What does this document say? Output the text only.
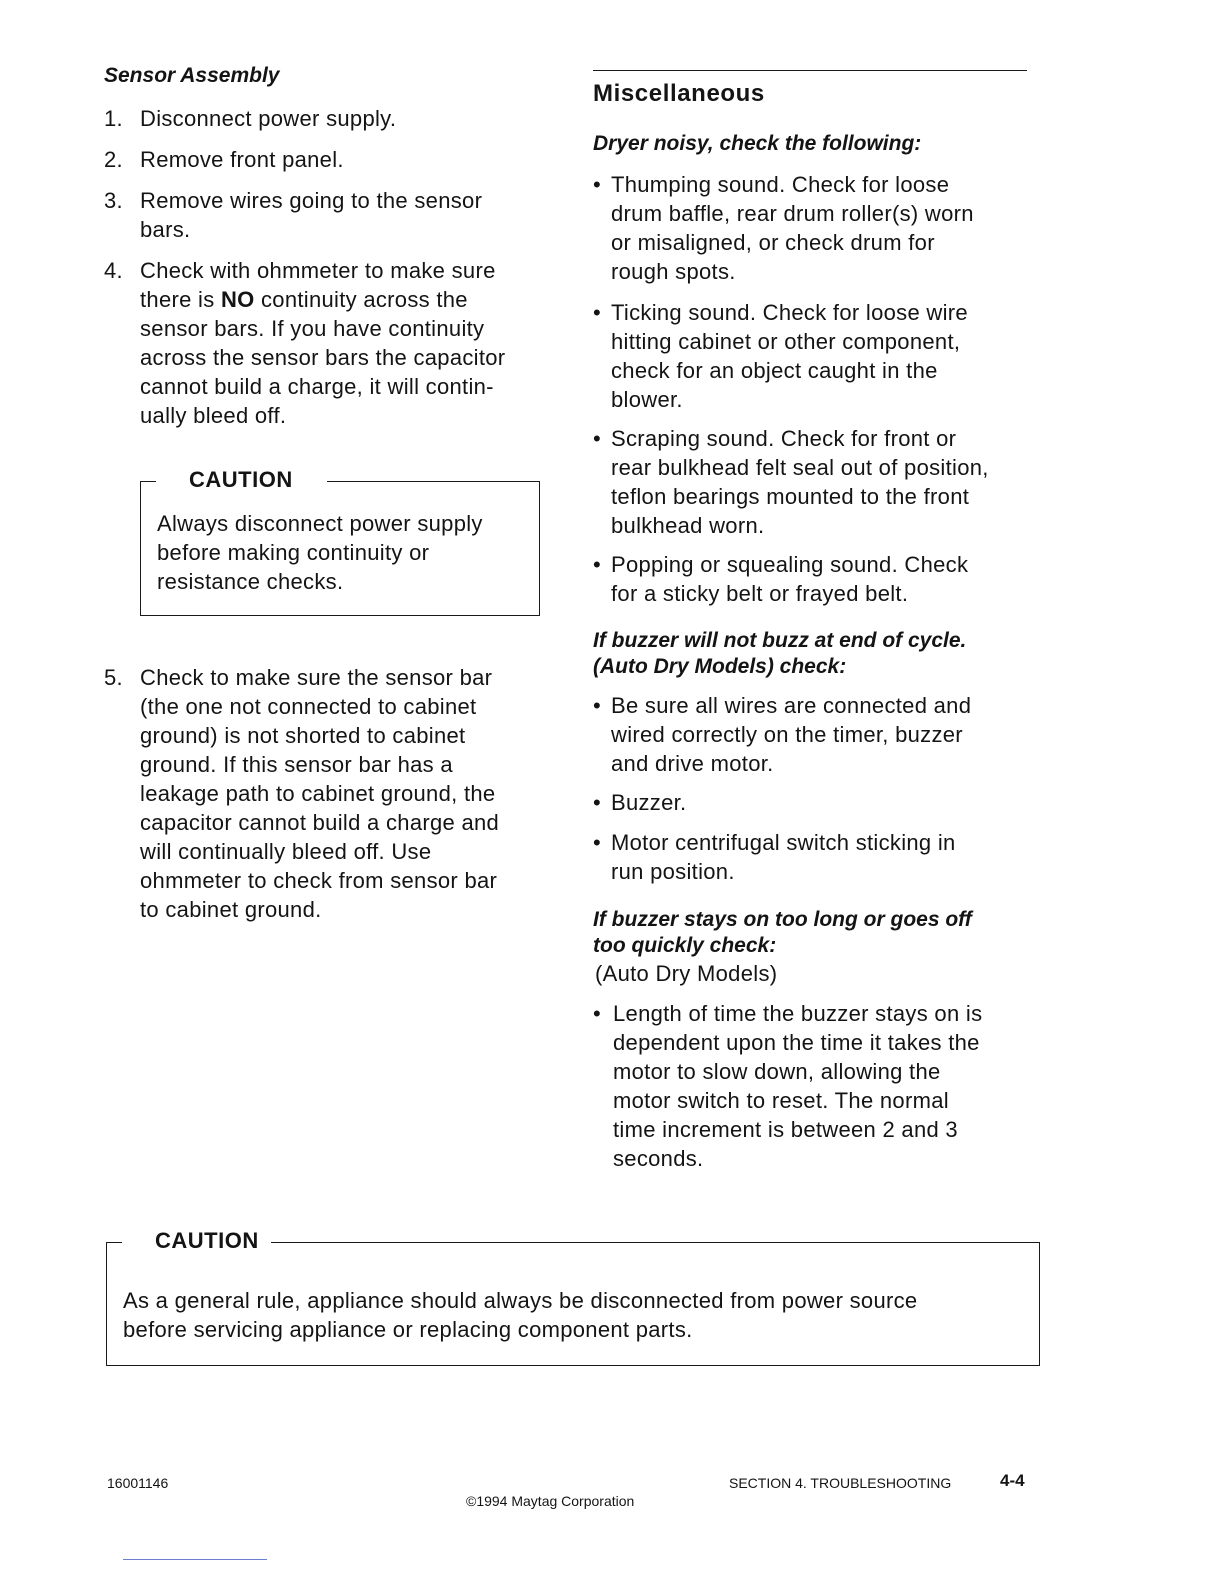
Sensor Assembly
1. Disconnect power supply.
2. Remove front panel.
3. Remove wires going to the sensor
bars.
4. Check with ohmmeter to make sure
there is NO continuity across the
sensor bars. If you have continuity
across the sensor bars the capacitor
cannot build a charge, it will contin-
ually bleed off.
CAUTION
Always disconnect power supply
before making continuity or
resistance checks.
5. Check to make sure the sensor bar
(the one not connected to cabinet
ground) is not shorted to cabinet
ground. If this sensor bar has a
leakage path to cabinet ground, the
capacitor cannot build a charge and
will continually bleed off. Use
ohmmeter to check from sensor bar
to cabinet ground.
Miscellaneous
Dryer noisy, check the following:
• Thumping sound. Check for loose
drum baffle, rear drum roller(s) worn
or misaligned, or check drum for
rough spots.
• Ticking sound. Check for loose wire
hitting cabinet or other component,
check for an object caught in the
blower.
• Scraping sound. Check for front or
rear bulkhead felt seal out of position,
teflon bearings mounted to the front
bulkhead worn.
• Popping or squealing sound. Check
for a sticky belt or frayed belt.
If buzzer will not buzz at end of cycle.
(Auto Dry Models) check:
• Be sure all wires are connected and
wired correctly on the timer, buzzer
and drive motor.
• Buzzer.
• Motor centrifugal switch sticking in
run position.
If buzzer stays on too long or goes off
too quickly check:
(Auto Dry Models)
• Length of time the buzzer stays on is
dependent upon the time it takes the
motor to slow down, allowing the
motor switch to reset. The normal
time increment is between 2 and 3
seconds.
CAUTION
As a general rule, appliance should always be disconnected from power source
before servicing appliance or replacing component parts.
16001146	SECTION 4. TROUBLESHOOTING	4-4
©1994 Maytag Corporation
